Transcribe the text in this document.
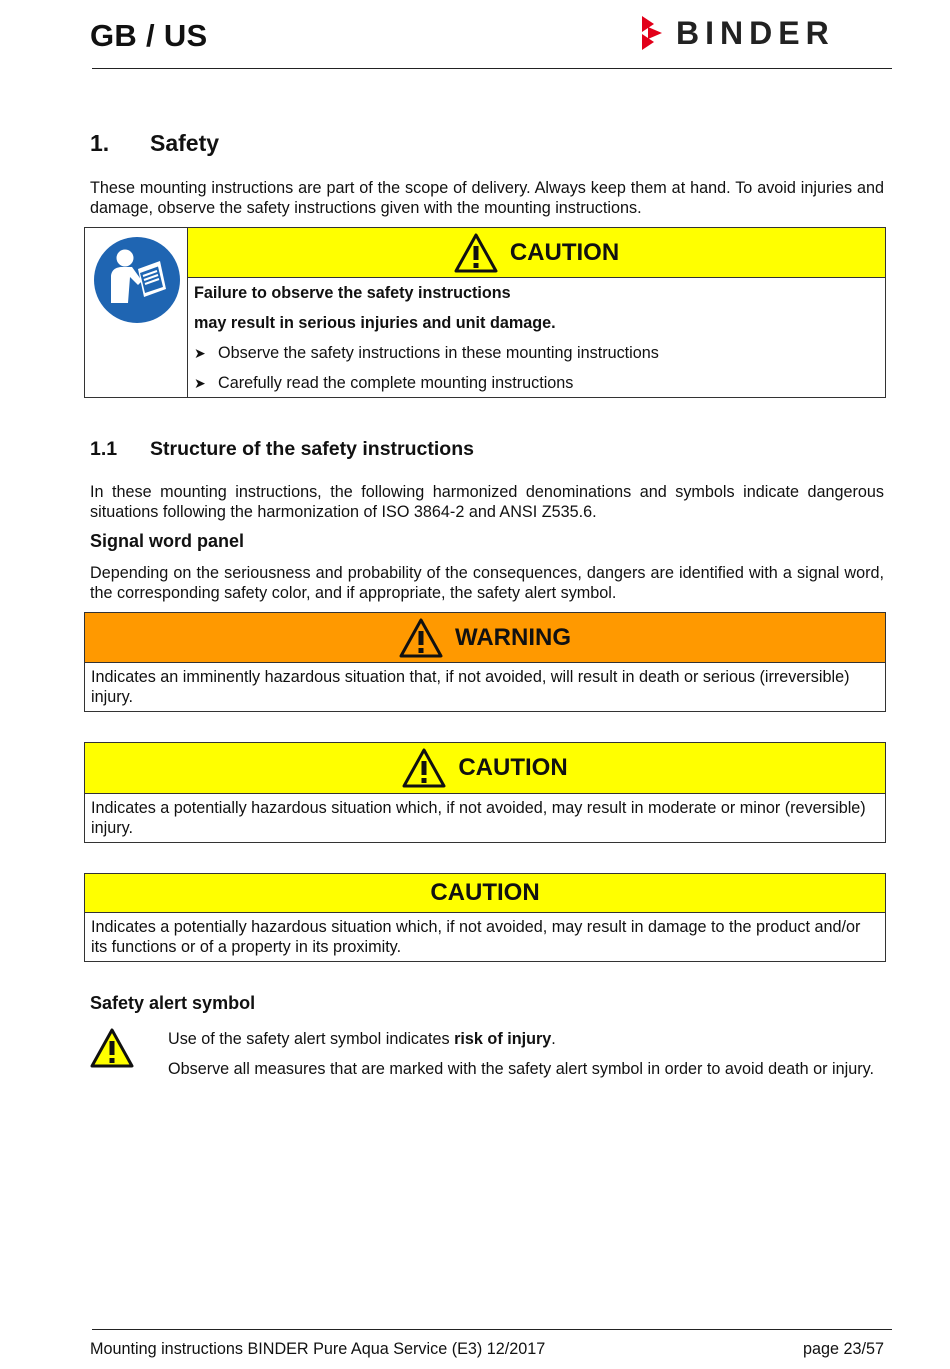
GB / US	BINDER
1.	Safety
These mounting instructions are part of the scope of delivery. Always keep them at hand. To avoid injuries and damage, observe the safety instructions given with the mounting instructions.
CAUTION
Failure to observe the safety instructions
may result in serious injuries and unit damage.
➤ Observe the safety instructions in these mounting instructions
➤ Carefully read the complete mounting instructions
1.1	Structure of the safety instructions
In these mounting instructions, the following harmonized denominations and symbols indicate dangerous situations following the harmonization of ISO 3864-2 and ANSI Z535.6.
Signal word panel
Depending on the seriousness and probability of the consequences, dangers are identified with a signal word, the corresponding safety color, and if appropriate, the safety alert symbol.
WARNING
Indicates an imminently hazardous situation that, if not avoided, will result in death or serious (irreversible) injury.
CAUTION
Indicates a potentially hazardous situation which, if not avoided, may result in moderate or minor (reversible) injury.
CAUTION
Indicates a potentially hazardous situation which, if not avoided, may result in damage to the product and/or its functions or of a property in its proximity.
Safety alert symbol
Use of the safety alert symbol indicates risk of injury.
Observe all measures that are marked with the safety alert symbol in order to avoid death or injury.
Mounting instructions BINDER Pure Aqua Service (E3) 12/2017	page 23/57
